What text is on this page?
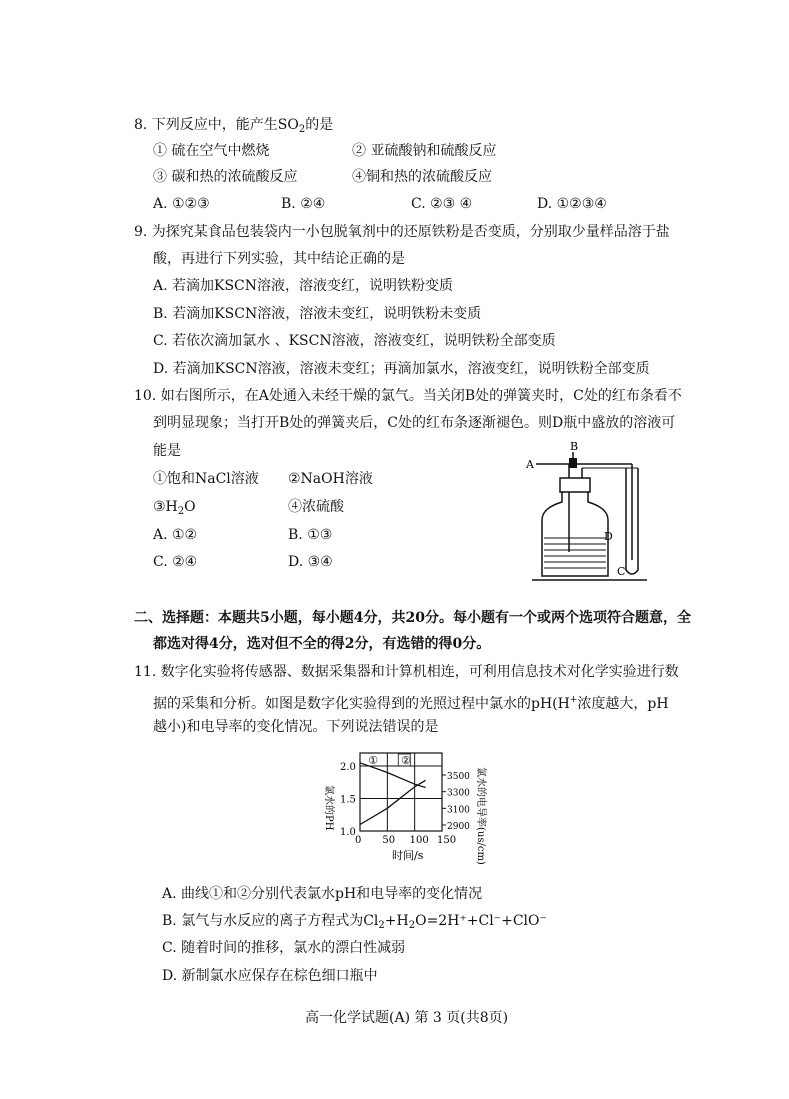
8. 下列反应中，能产生$SO_2$的是
① 硫在空气中燃烧	② 亚硫酸钠和硫酸反应
③ 碳和热的浓硫酸反应	④铜和热的浓硫酸反应
A. ①②③	B. ②④	C. ②③ ④	D. ①②③④
9. 为探究某食品包装袋内一小包脱氧剂中的还原铁粉是否变质，分别取少量样品溶于盐
酸，再进行下列实验，其中结论正确的是
A. 若滴加KSCN溶液，溶液变红，说明铁粉变质
B. 若滴加KSCN溶液，溶液未变红，说明铁粉未变质
C. 若依次滴加氯水 、KSCN溶液，溶液变红，说明铁粉全部变质
D. 若滴加KSCN溶液，溶液未变红；再滴加氯水，溶液变红，说明铁粉全部变质
10. 如右图所示，在A处通入未经干燥的氯气。当关闭B处的弹簧夹时，C处的红布条看不
到明显现象；当打开B处的弹簧夹后，C处的红布条逐渐褪色。则D瓶中盛放的溶液可
能是
①饱和NaCl溶液 ②NaOH溶液
$③H_2O$	④浓硫酸
A. ①②	B. ①③
C. ②④	D. ③④
A
B
D
C
二、选择题：本题共5小题，每小题4分，共20分。每小题有一个或两个选项符合题意，全
都选对得4分，选对但不全的得2分，有选错的得0分。
11. 数字化实验将传感器、数据采集器和计算机相连，可利用信息技术对化学实验进行数
据的采集和分析。如图是数字化实验得到的光照过程中氯水的pH(H+浓度越大，pH
越小)和电导率的变化情况。下列说法错误的是
氯水的PH	氯水的电导率(us/cm)
时间/s
0 50 100 150
1.0
1.5
2.0
2900
3100
3300
3500
① ②
A. 曲线①和②分别代表氯水pH和电导率的变化情况
B. 氯气与水反应的离子方程式为$Cl_2+H_2O=2H^++Cl^-+ClO^-$
C. 随着时间的推移，氯水的漂白性减弱
D. 新制氯水应保存在棕色细口瓶中
高一化学试题(A) 第 3 页(共8页)
